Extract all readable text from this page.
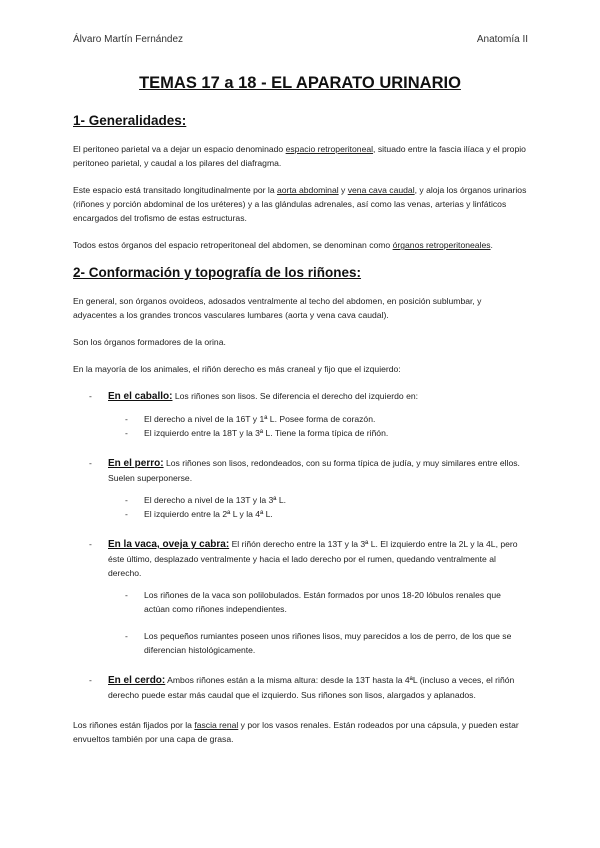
Álvaro Martín Fernández	Anatomía II
TEMAS 17 a 18 - EL APARATO URINARIO
1- Generalidades:

El peritoneo parietal va a dejar un espacio denominado espacio retroperitoneal, situado entre la fascia ilíaca y el propio peritoneo parietal, y caudal a los pilares del diafragma.

Este espacio está transitado longitudinalmente por la aorta abdominal y vena cava caudal, y aloja los órganos urinarios (riñones y porción abdominal de los uréteres) y a las glándulas adrenales, así como las venas, arterias y linfáticos encargados del trofismo de estas estructuras.

Todos estos órganos del espacio retroperitoneal del abdomen, se denominan como órganos retroperitoneales.

2- Conformación y topografía de los riñones:

En general, son órganos ovoideos, adosados ventralmente al techo del abdomen, en posición sublumbar, y adyacentes a los grandes troncos vasculares lumbares (aorta y vena cava caudal).

Son los órganos formadores de la orina.

En la mayoría de los animales, el riñón derecho es más craneal y fijo que el izquierdo:

- En el caballo: Los riñones son lisos. Se diferencia el derecho del izquierdo en:
- El derecho a nivel de la 16T y 1ª L. Posee forma de corazón.
- El izquierdo entre la 18T y la 3ª L. Tiene la forma típica de riñón.
- En el perro: Los riñones son lisos, redondeados, con su forma típica de judía, y muy similares entre ellos. Suelen superponerse.
- El derecho a nivel de la 13T y la 3ª L.
- El izquierdo entre la 2ª L y la 4ª L.
- En la vaca, oveja y cabra: El riñón derecho entre la 13T y la 3ª L. El izquierdo entre la 2L y la 4L, pero éste último, desplazado ventralmente y hacia el lado derecho por el rumen, quedando ventralmente al derecho.
- Los riñones de la vaca son polilobulados. Están formados por unos 18-20 lóbulos renales que actúan como riñones independientes.
- Los pequeños rumiantes poseen unos riñones lisos, muy parecidos a los de perro, de los que se diferencian histológicamente.
- En el cerdo: Ambos riñones están a la misma altura: desde la 13T hasta la 4ªL (incluso a veces, el riñón derecho puede estar más caudal que el izquierdo. Sus riñones son lisos, alargados y aplanados.

Los riñones están fijados por la fascia renal y por los vasos renales. Están rodeados por una cápsula, y pueden estar envueltos también por una capa de grasa.
